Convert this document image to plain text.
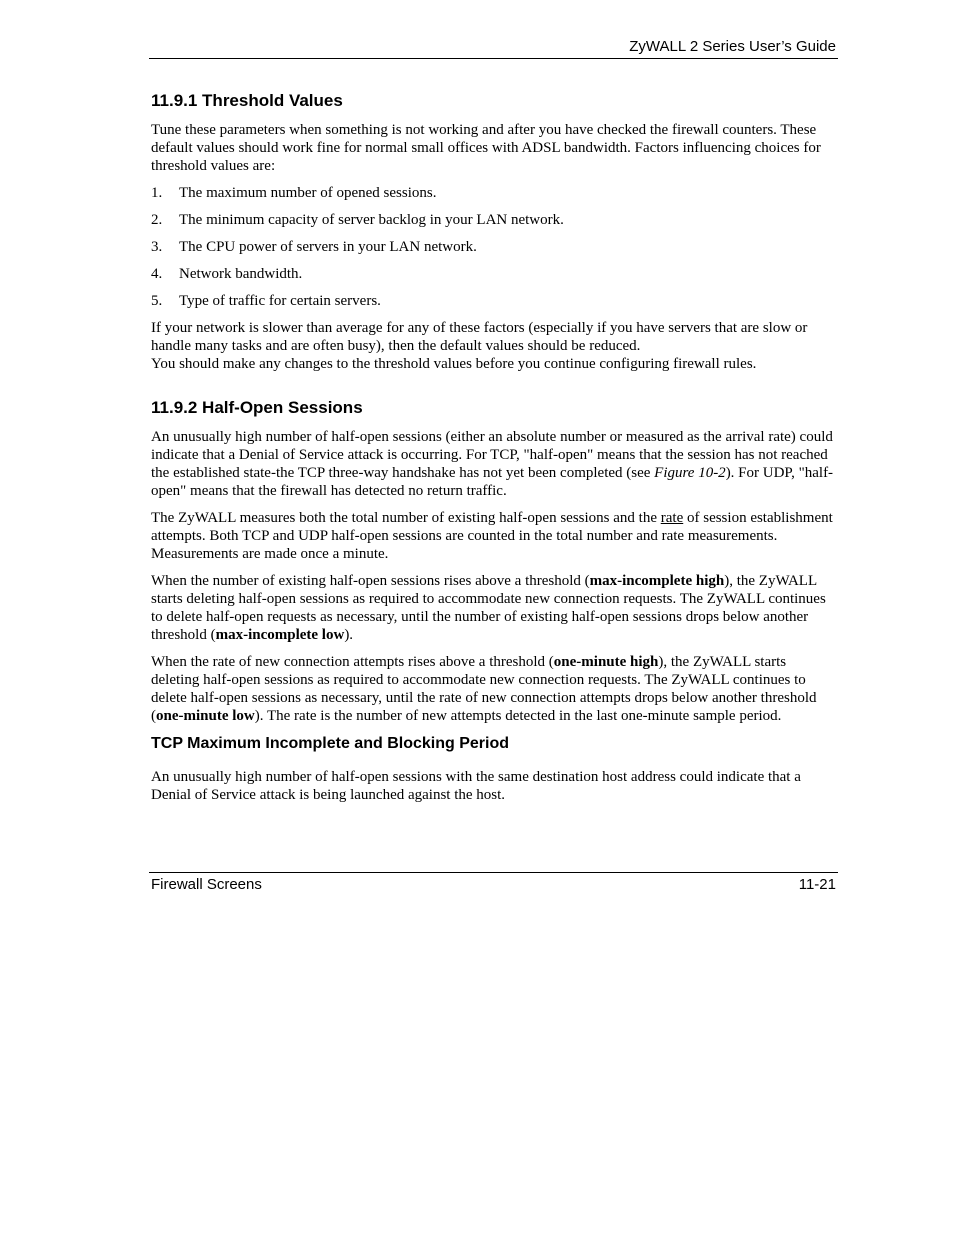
ZyWALL 2 Series User’s Guide
11.9.1 Threshold Values

Tune these parameters when something is not working and after you have checked the firewall counters. These default values should work fine for normal small offices with ADSL bandwidth. Factors influencing choices for threshold values are:

1. The maximum number of opened sessions.
2. The minimum capacity of server backlog in your LAN network.
3. The CPU power of servers in your LAN network.
4. Network bandwidth.
5. Type of traffic for certain servers.

If your network is slower than average for any of these factors (especially if you have servers that are slow or handle many tasks and are often busy), then the default values should be reduced.
You should make any changes to the threshold values before you continue configuring firewall rules.

11.9.2 Half-Open Sessions

An unusually high number of half-open sessions (either an absolute number or measured as the arrival rate) could indicate that a Denial of Service attack is occurring. For TCP, "half-open" means that the session has not reached the established state-the TCP three-way handshake has not yet been completed (see Figure 10-2). For UDP, "half-open" means that the firewall has detected no return traffic.

The ZyWALL measures both the total number of existing half-open sessions and the rate of session establishment attempts. Both TCP and UDP half-open sessions are counted in the total number and rate measurements. Measurements are made once a minute.

When the number of existing half-open sessions rises above a threshold (max-incomplete high), the ZyWALL starts deleting half-open sessions as required to accommodate new connection requests. The ZyWALL continues to delete half-open requests as necessary, until the number of existing half-open sessions drops below another threshold (max-incomplete low).

When the rate of new connection attempts rises above a threshold (one-minute high), the ZyWALL starts deleting half-open sessions as required to accommodate new connection requests. The ZyWALL continues to delete half-open sessions as necessary, until the rate of new connection attempts drops below another threshold (one-minute low). The rate is the number of new attempts detected in the last one-minute sample period.

TCP Maximum Incomplete and Blocking Period

An unusually high number of half-open sessions with the same destination host address could indicate that a Denial of Service attack is being launched against the host.

Firewall Screens	11-21
